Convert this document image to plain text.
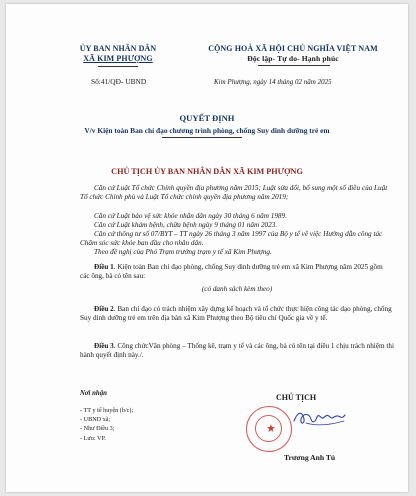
ỦY BAN NHÂN DÂN
XÃ KIM PHƯỢNG
CỘNG HOÀ XÃ HỘI CHỦ NGHĨA VIỆT NAM
Độc lập- Tự do- Hạnh phúc
Số:41/QĐ- UBND	Kim Phượng, ngày 14 tháng 02 năm 2025
QUYẾT ĐỊNH
V/v Kiện toàn Ban chỉ đạo chương trình phòng, chống Suy dinh dưỡng trẻ em
CHỦ TỊCH ỦY BAN NHÂN DÂN XÃ KIM PHƯỢNG
Căn cứ Luật Tổ chức Chính quyền địa phương năm 2015; Luật sửa đổi, bổ sung một số điều của Luật Tổ chức Chính phủ và Luật Tổ chức chính quyền địa phương năm 2019;
Căn cứ Luật bảo vệ sức khỏe nhân dân ngày 30 tháng 6 năm 1989.
Căn cứ Luật khám bệnh, chữa bệnh ngày 9 tháng 01 năm 2023.
Căn cứ thông tư số 07/BYT – TT ngày 26 tháng 3 năm 1997 của Bộ y tế về việc Hướng dẫn công tác Chăm sóc sức khỏe ban đầu cho nhân dân.
Theo đề nghị của Phó Trạm trưởng trạm y tế xã Kim Phượng.
Điều 1. Kiện toàn Ban chỉ đạo phòng, chống Suy dinh dưỡng trẻ em xã Kim Phượng năm 2025 gồm các ông, bà có tên sau:
(có danh sách kèm theo)
Điều 2. Ban chỉ đạo có trách nhiệm xây dựng kế hoạch và tổ chức thực hiện công tác dạo phòng, chống Suy dinh dưỡng trẻ em trên địa bàn xã Kim Phượng theo Bộ tiêu chí Quốc gia về y tế.
Điều 3. Công chứcVăn phòng – Thống kê, trạm y tế và các ông, bà có tên tại điều 1 chịu trách nhiệm thi hành quyết định này./.
Nơi nhận
- TT y tế huyện (b/c);
- UBND xã;
- Như Điều 3;
- Lưu: VP.
CHỦ TỊCH
★
Trương Anh Tú
